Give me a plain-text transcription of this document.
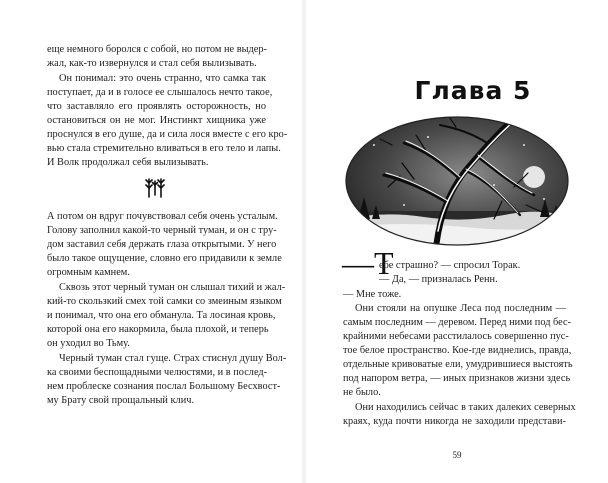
еще немного боролся с собой, но потом не выдер-
жал, как-то извернулся и стал себя вылизывать.
Он понимал: это очень странно, что самка так
поступает, да и в голосе ее слышалось нечто такое,
что заставляло его проявлять осторожность, но
остановиться он не мог. Инстинкт хищника уже
проснулся в его душе, да и сила лося вместе с его кро-
вью стала стремительно вливаться в его тело и лапы.
И Волк продолжал себя вылизывать.
А потом он вдруг почувствовал себя очень усталым.
Голову заполнил какой-то черный туман, и он с тру-
дом заставил себя держать глаза открытыми. У него
было такое ощущение, словно его придавили к земле
огромным камнем.
Сквозь этот черный туман он слышал тихий и жал-
кий-то скользкий смех той самки со змеиным языком
и понимал, что она его обманула. Та лосиная кровь,
которой она его накормила, была плохой, и теперь
он уходил во Тьму.
Черный туман стал гуще. Страх стиснул душу Вол-
ка своими беспощадными челюстями, и в послед-
нем проблеске сознания послал Большому Бесхвост-
му Брату свой прощальный клич.
Глава 5
—Т
ебе страшно? — спросил Торак.
— Да, — призналась Ренн.
— Мне тоже.
Они стояли на опушке Леса под последним —
самым последним — деревом. Перед ними под бес-
крайними небесами расстилалось совершенно пус-
тое белое пространство. Кое-где виднелись, правда,
отдельные кривоватые ели, умудрившиеся выстоять
под напором ветра, — иных признаков жизни здесь
не было.
Они находились сейчас в таких далеких северных
краях, куда почти никогда не заходили представи-
59
